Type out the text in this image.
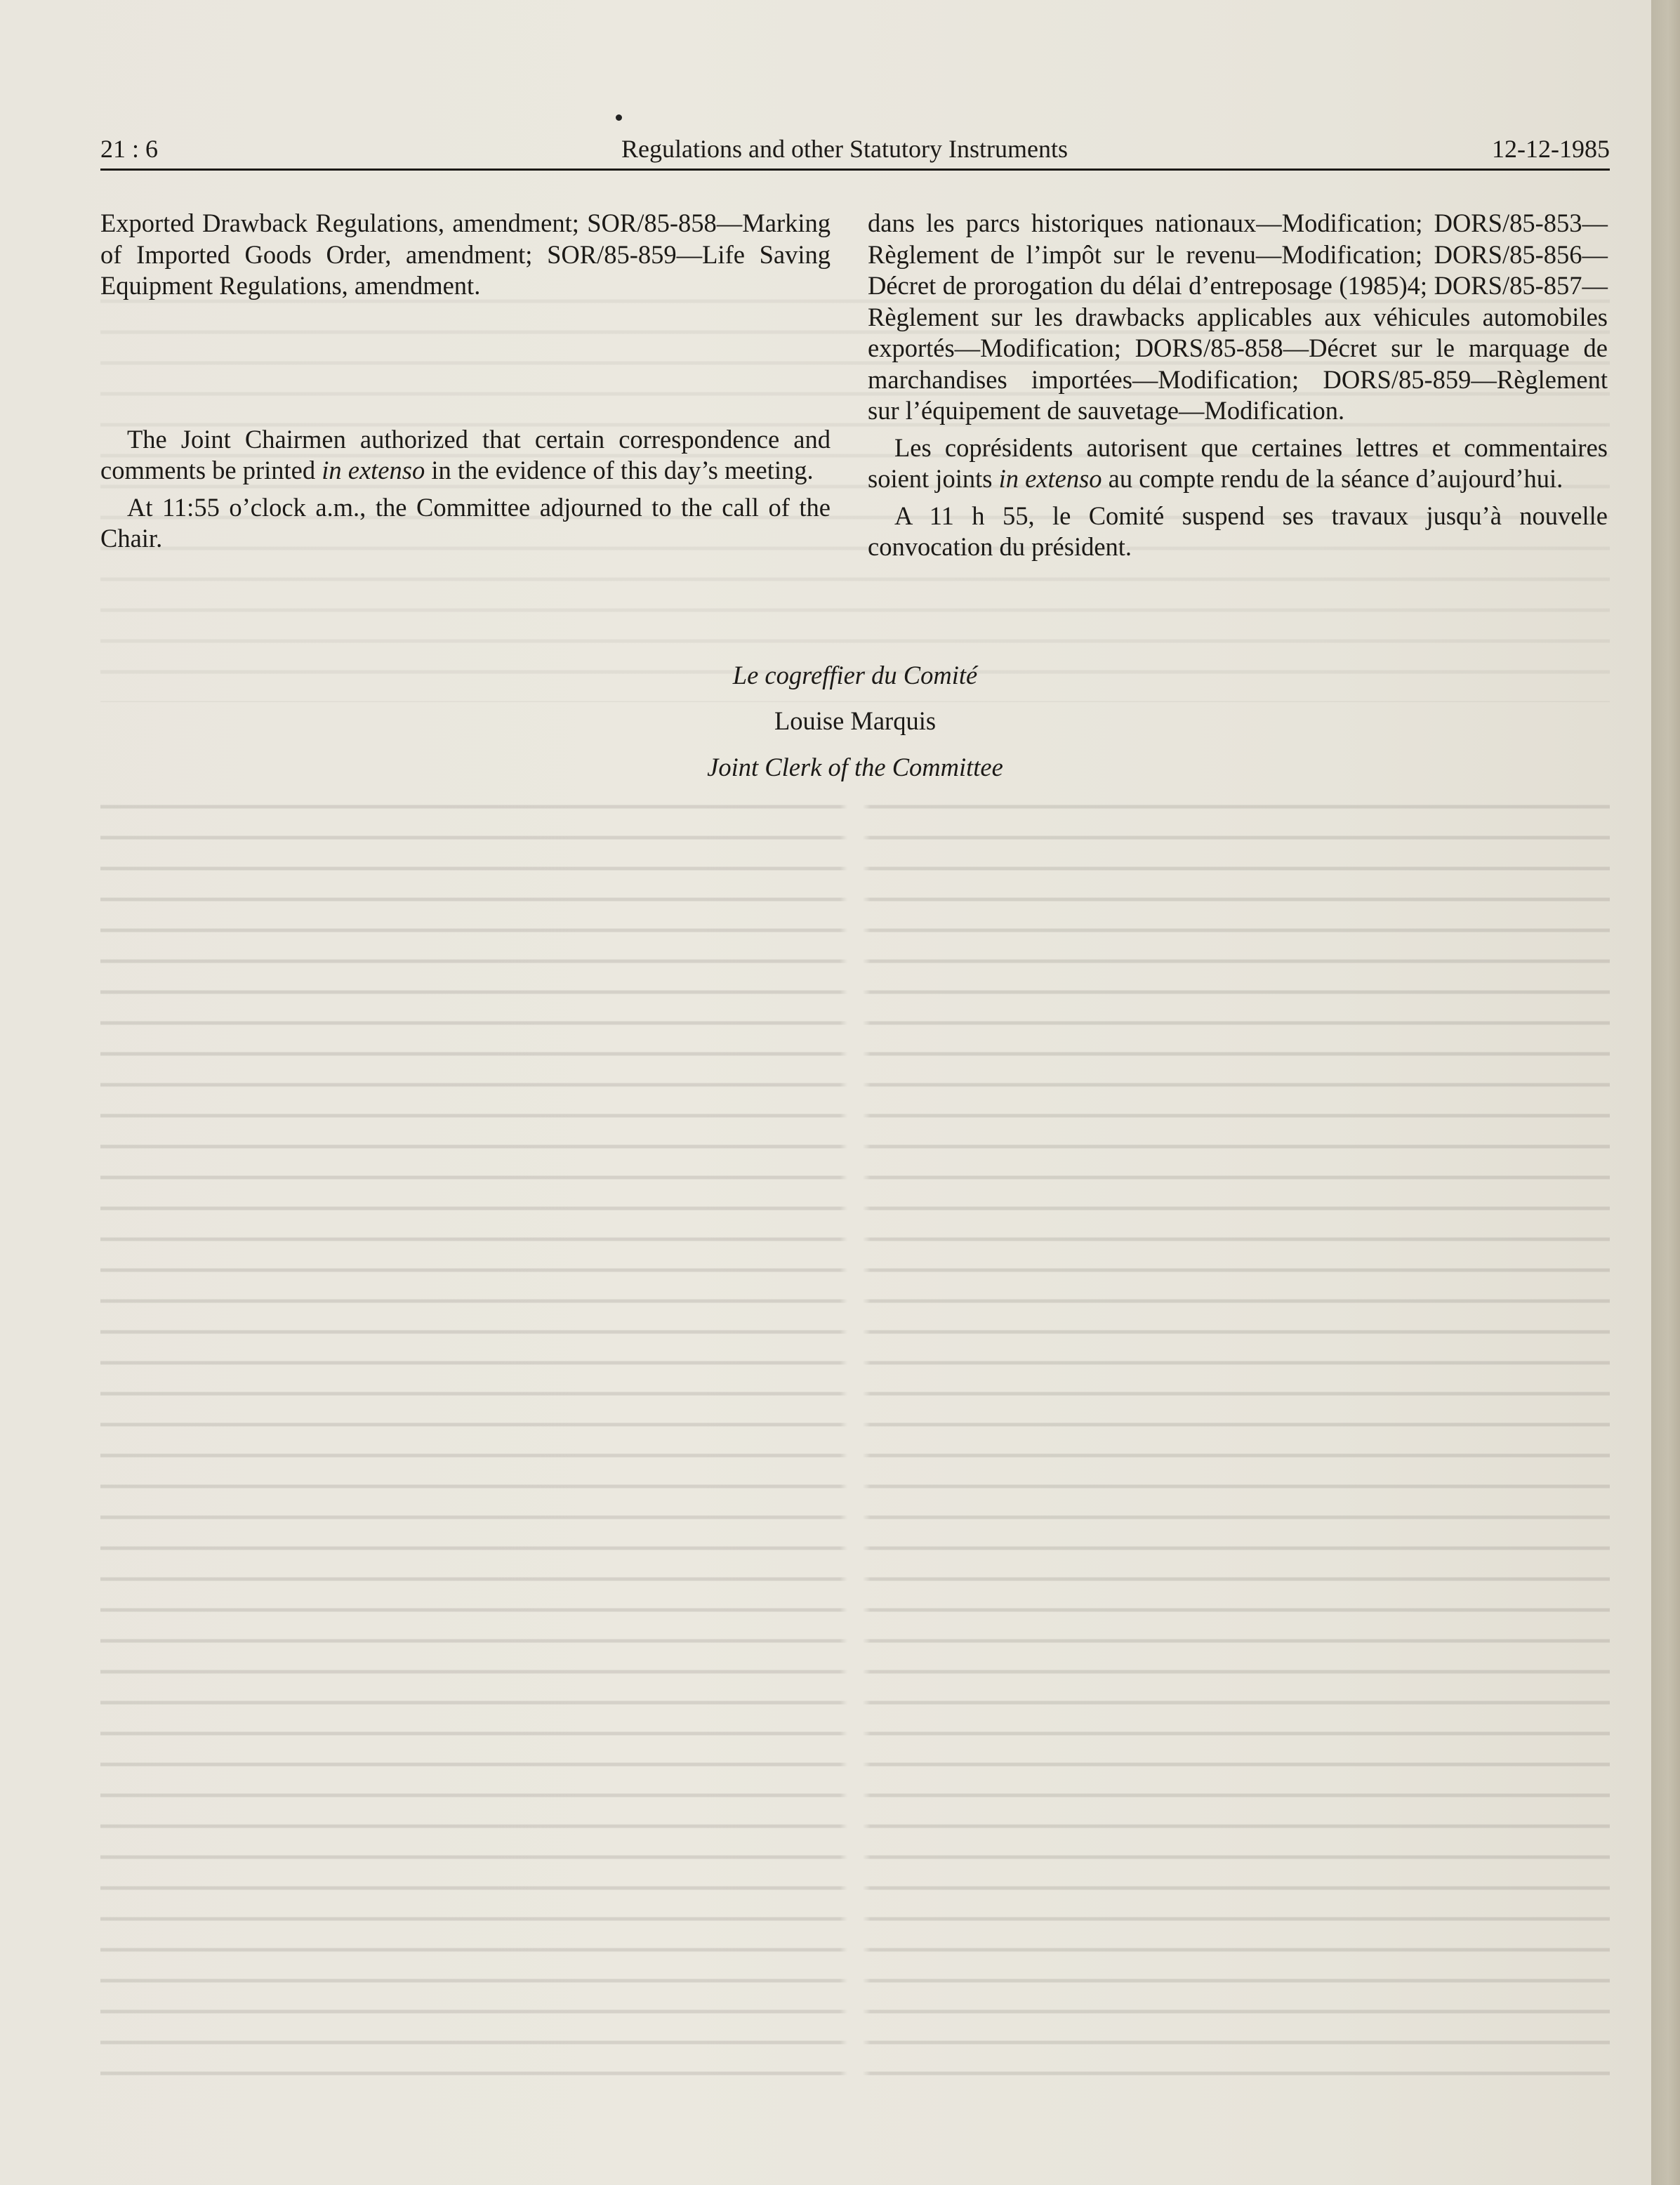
21 : 6	Regulations and other Statutory Instruments	12-12-1985

Exported Drawback Regulations, amendment; SOR/85-858—Marking of Imported Goods Order, amendment; SOR/85-859—Life Saving Equipment Regulations, amendment.

The Joint Chairmen authorized that certain correspondence and comments be printed in extenso in the evidence of this day’s meeting.

At 11:55 o’clock a.m., the Committee adjourned to the call of the Chair.

dans les parcs historiques nationaux—Modification; DORS/85-853—Règlement de l’impôt sur le revenu—Modification; DORS/85-856—Décret de prorogation du délai d’entreposage (1985)4; DORS/85-857—Règlement sur les drawbacks applicables aux véhicules automobiles exportés—Modification; DORS/85-858—Décret sur le marquage de marchandises importées—Modification; DORS/85-859—Règlement sur l’équipement de sauvetage—Modification.

Les coprésidents autorisent que certaines lettres et commentaires soient joints in extenso au compte rendu de la séance d’aujourd’hui.

A 11 h 55, le Comité suspend ses travaux jusqu’à nouvelle convocation du président.

Le cogreffier du Comité
Louise Marquis
Joint Clerk of the Committee
